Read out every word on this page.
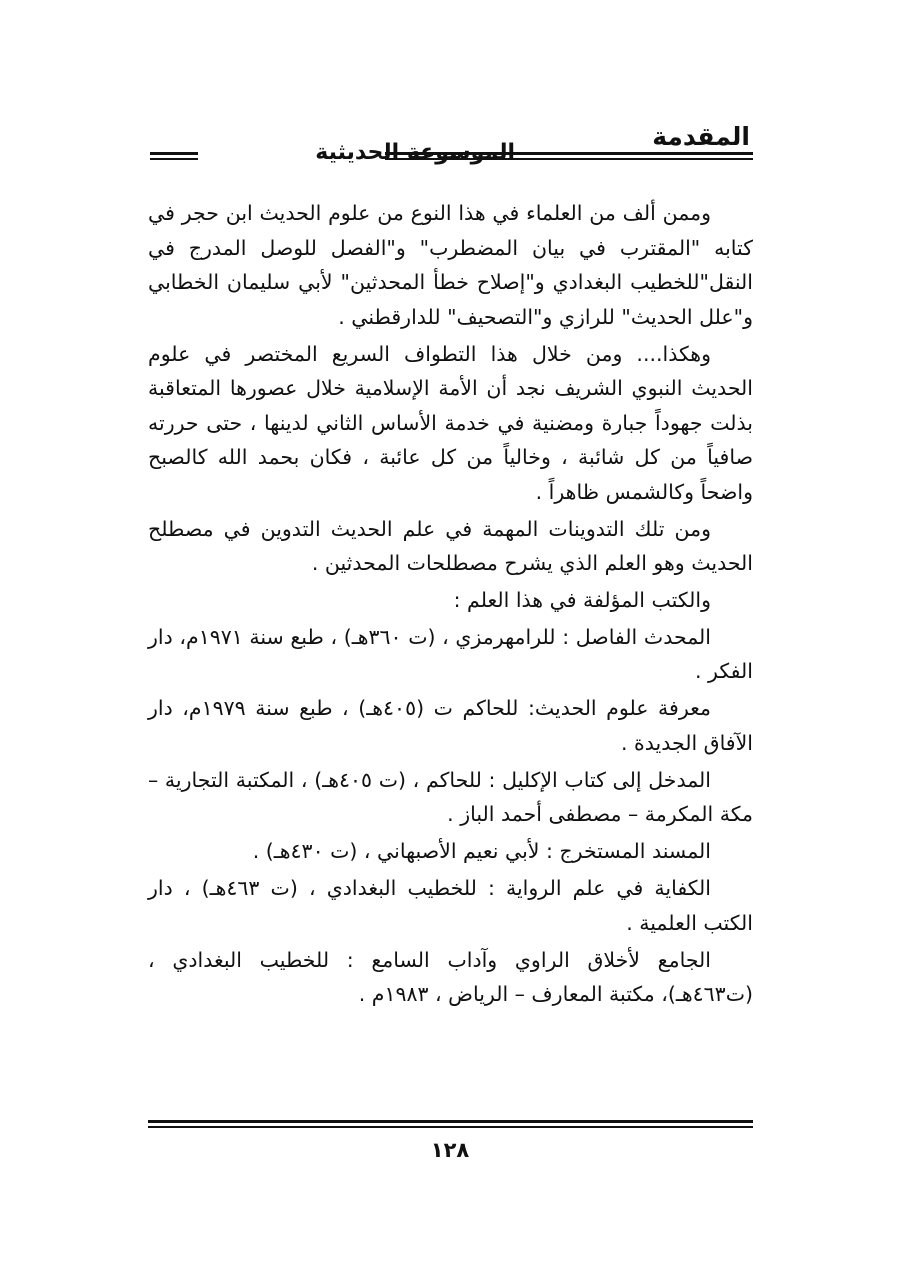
المقدمة
الموسوعة الحديثية

وممن ألف من العلماء في هذا النوع من علوم الحديث ابن حجر في كتابه "المقترب في بيان المضطرب" و"الفصل للوصل المدرج في النقل"للخطيب البغدادي و"إصلاح خطأ المحدثين" لأبي سليمان الخطابي و"علل الحديث" للرازي و"التصحيف" للدارقطني .

وهكذا.... ومن خلال هذا التطواف السريع المختصر في علوم الحديث النبوي الشريف نجد أن الأمة الإسلامية خلال عصورها المتعاقبة بذلت جهوداً جبارة ومضنية في خدمة الأساس الثاني لدينها ، حتى حررته صافياً من كل شائبة ، وخالياً من كل عائبة ، فكان بحمد الله كالصبح واضحاً وكالشمس ظاهراً .

ومن تلك التدوينات المهمة في علم الحديث التدوين في مصطلح الحديث وهو العلم الذي يشرح مصطلحات المحدثين .

والكتب المؤلفة في هذا العلم :

المحدث الفاصل : للرامهرمزي ، (ت ٣٦٠هـ) ، طبع سنة ١٩٧١م، دار الفكر .

معرفة علوم الحديث: للحاكم ت (٤٠٥هـ) ، طبع سنة ١٩٧٩م، دار الآفاق الجديدة .

المدخل إلى كتاب الإكليل : للحاكم ، (ت ٤٠٥هـ) ، المكتبة التجارية – مكة المكرمة – مصطفى أحمد الباز .

المسند المستخرج : لأبي نعيم الأصبهاني ، (ت ٤٣٠هـ) .

الكفاية في علم الرواية : للخطيب البغدادي ، (ت ٤٦٣هـ) ، دار الكتب العلمية .

الجامع لأخلاق الراوي وآداب السامع : للخطيب البغدادي ، (ت٤٦٣هـ)، مكتبة المعارف – الرياض ، ١٩٨٣م .

١٢٨
